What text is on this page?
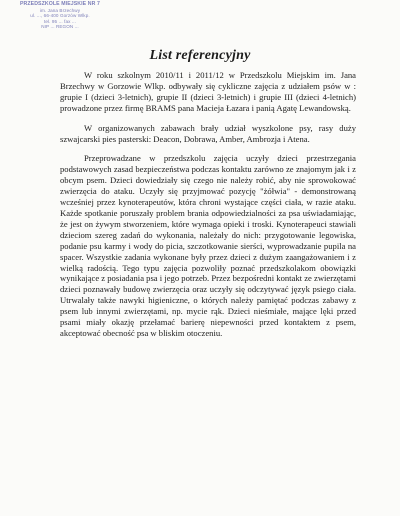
PRZEDSZKOLE MIEJSKIE NR 7
im. Jana Brzechwy
ul. ..., 66-400 Gorzów Wlkp.
tel. 95 ... fax ...
NIP ... REGON ...
List referencyjny

W roku szkolnym 2010/11 i 2011/12 w Przedszkolu Miejskim im. Jana Brzechwy w Gorzowie Wlkp. odbywały się cykliczne zajęcia z udziałem psów w : grupie I (dzieci 3-letnich), grupie II (dzieci 3-letnich) i grupie III (dzieci 4-letnich) prowadzone przez firmę BRAMS pana Macieja Łazara i panią Agatę Lewandowską.

W organizowanych zabawach brały udział wyszkolone psy, rasy duży szwajcarski pies pasterski: Deacon, Dobrawa, Amber, Ambrozja i Atena.

Przeprowadzane w przedszkolu zajęcia uczyły dzieci przestrzegania podstawowych zasad bezpieczeństwa podczas kontaktu zarówno ze znajomym jak i z obcym psem. Dzieci dowiedziały się czego nie należy robić, aby nie sprowokować zwierzęcia do ataku. Uczyły się przyjmować pozycję "żółwia" - demonstrowaną wcześniej przez kynoterapeutów, która chroni wystające części ciała, w razie ataku. Każde spotkanie poruszały problem brania odpowiedzialności za psa uświadamiając, że jest on żywym stworzeniem, które wymaga opieki i troski. Kynoterapeuci stawiali dzieciom szereg zadań do wykonania, należały do nich: przygotowanie legowiska, podanie psu karmy i wody do picia, szczotkowanie sierści, wyprowadzanie pupila na spacer. Wszystkie zadania wykonane były przez dzieci z dużym zaangażowaniem i z wielką radością. Tego typu zajęcia pozwoliły poznać przedszkolakom obowiązki wynikające z posiadania psa i jego potrzeb. Przez bezpośredni kontakt ze zwierzętami dzieci poznawały budowę zwierzęcia oraz uczyły się odczytywać język psiego ciała. Utrwalały także nawyki higieniczne, o których należy pamiętać podczas zabawy z psem lub innymi zwierzętami, np. mycie rąk. Dzieci nieśmiałe, mające lęki przed psami miały okazję przełamać barierę niepewności przed kontaktem z psem, akceptować obecność psa w bliskim otoczeniu.
